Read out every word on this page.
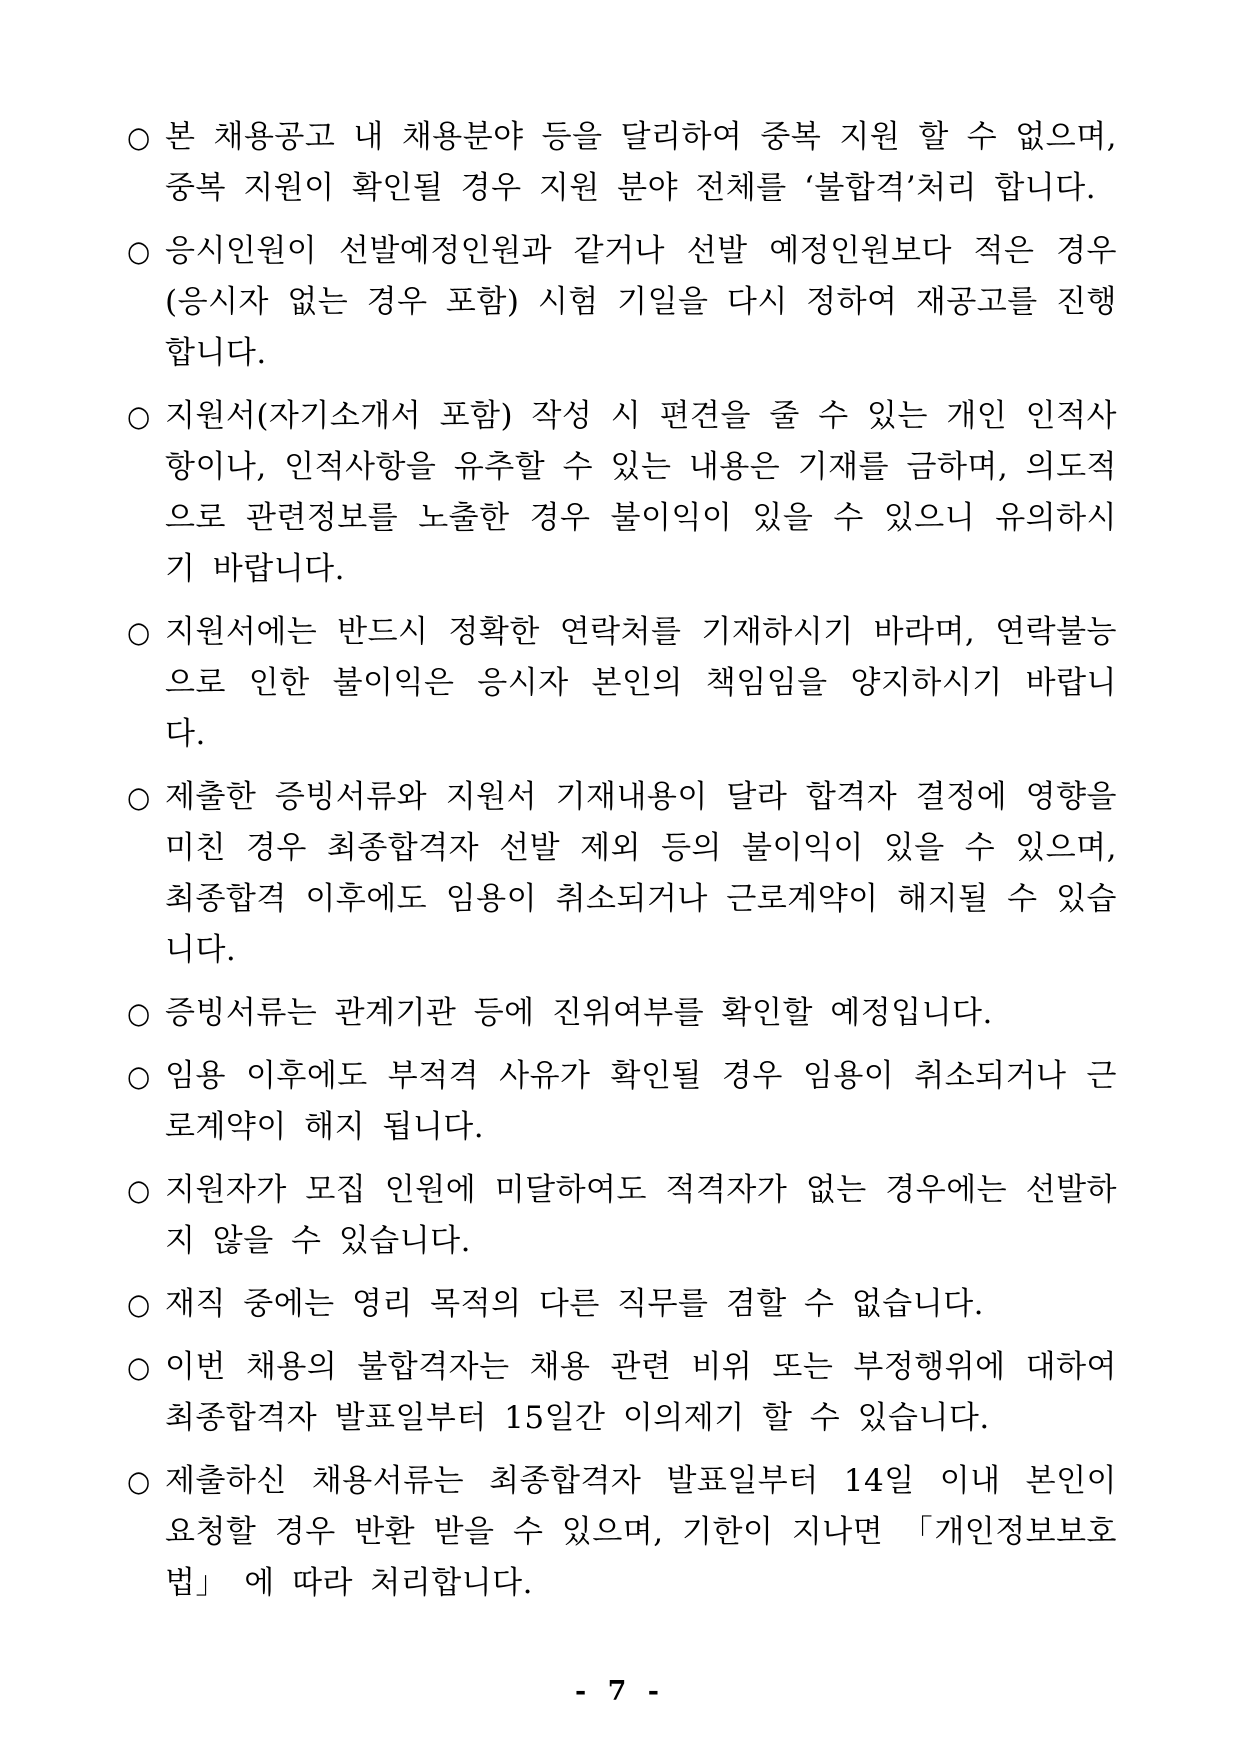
○ 본 채용공고 내 채용분야 등을 달리하여 중복 지원 할 수 없으며, 중복 지원이 확인될 경우 지원 분야 전체를 ‘불합격’처리 합니다.
○ 응시인원이 선발예정인원과 같거나 선발 예정인원보다 적은 경우 (응시자 없는 경우 포함) 시험 기일을 다시 정하여 재공고를 진행합니다.
○ 지원서(자기소개서 포함) 작성 시 편견을 줄 수 있는 개인 인적사항이나, 인적사항을 유추할 수 있는 내용은 기재를 금하며, 의도적으로 관련정보를 노출한 경우 불이익이 있을 수 있으니 유의하시기 바랍니다.
○ 지원서에는 반드시 정확한 연락처를 기재하시기 바라며, 연락불능으로 인한 불이익은 응시자 본인의 책임임을 양지하시기 바랍니다.
○ 제출한 증빙서류와 지원서 기재내용이 달라 합격자 결정에 영향을 미친 경우 최종합격자 선발 제외 등의 불이익이 있을 수 있으며, 최종합격 이후에도 임용이 취소되거나 근로계약이 해지될 수 있습니다.
○ 증빙서류는 관계기관 등에 진위여부를 확인할 예정입니다.
○ 임용 이후에도 부적격 사유가 확인될 경우 임용이 취소되거나 근로계약이 해지 됩니다.
○ 지원자가 모집 인원에 미달하여도 적격자가 없는 경우에는 선발하지 않을 수 있습니다.
○ 재직 중에는 영리 목적의 다른 직무를 겸할 수 없습니다.
○ 이번 채용의 불합격자는 채용 관련 비위 또는 부정행위에 대하여 최종합격자 발표일부터 15일간 이의제기 할 수 있습니다.
○ 제출하신 채용서류는 최종합격자 발표일부터 14일 이내 본인이 요청할 경우 반환 받을 수 있으며, 기한이 지나면 「개인정보보호법」 에 따라 처리합니다.
- 7 -
